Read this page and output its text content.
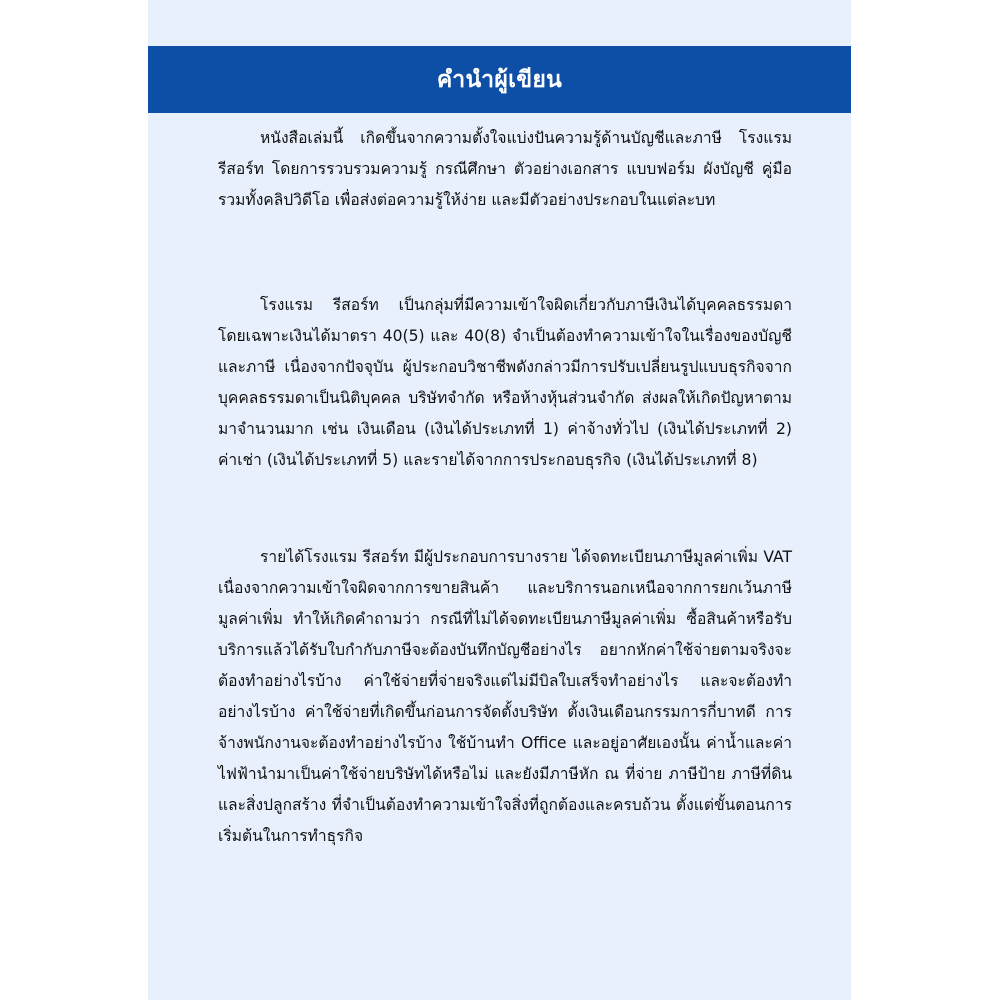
คำนำผู้เขียน

หนังสือเล่มนี้ เกิดขึ้นจากความตั้งใจแบ่งปันความรู้ด้านบัญชีและภาษี โรงแรม รีสอร์ท โดยการรวบรวมความรู้ กรณีศึกษา ตัวอย่างเอกสาร แบบฟอร์ม ผังบัญชี คู่มือ รวมทั้งคลิปวิดีโอ เพื่อส่งต่อความรู้ให้ง่าย และมีตัวอย่างประกอบในแต่ละบท

โรงแรม รีสอร์ท เป็นกลุ่มที่มีความเข้าใจผิดเกี่ยวกับภาษีเงินได้บุคคลธรรมดา โดยเฉพาะเงินได้มาตรา 40(5) และ 40(8) จำเป็นต้องทำความเข้าใจในเรื่องของบัญชีและภาษี เนื่องจากปัจจุบัน ผู้ประกอบวิชาชีพดังกล่าวมีการปรับเปลี่ยนรูปแบบธุรกิจจากบุคคลธรรมดาเป็นนิติบุคคล บริษัทจำกัด หรือห้างหุ้นส่วนจำกัด ส่งผลให้เกิดปัญหาตามมาจำนวนมาก เช่น เงินเดือน (เงินได้ประเภทที่ 1) ค่าจ้างทั่วไป (เงินได้ประเภทที่ 2) ค่าเช่า (เงินได้ประเภทที่ 5) และรายได้จากการประกอบธุรกิจ (เงินได้ประเภทที่ 8)

รายได้โรงแรม รีสอร์ท มีผู้ประกอบการบางราย ได้จดทะเบียนภาษีมูลค่าเพิ่ม VAT เนื่องจากความเข้าใจผิดจากการขายสินค้า และบริการนอกเหนือจากการยกเว้นภาษีมูลค่าเพิ่ม ทำให้เกิดคำถามว่า กรณีที่ไม่ได้จดทะเบียนภาษีมูลค่าเพิ่ม ซื้อสินค้าหรือรับบริการแล้วได้รับใบกำกับภาษีจะต้องบันทึกบัญชีอย่างไร อยากหักค่าใช้จ่ายตามจริงจะต้องทำอย่างไรบ้าง ค่าใช้จ่ายที่จ่ายจริงแต่ไม่มีบิลใบเสร็จทำอย่างไร และจะต้องทำอย่างไรบ้าง ค่าใช้จ่ายที่เกิดขึ้นก่อนการจัดตั้งบริษัท ตั้งเงินเดือนกรรมการกี่บาทดี การจ้างพนักงานจะต้องทำอย่างไรบ้าง ใช้บ้านทำ Office และอยู่อาศัยเองนั้น ค่าน้ำและค่าไฟฟ้านำมาเป็นค่าใช้จ่ายบริษัทได้หรือไม่ และยังมีภาษีหัก ณ ที่จ่าย ภาษีป้าย ภาษีที่ดินและสิ่งปลูกสร้าง ที่จำเป็นต้องทำความเข้าใจสิ่งที่ถูกต้องและครบถ้วน ตั้งแต่ขั้นตอนการเริ่มต้นในการทำธุรกิจ
